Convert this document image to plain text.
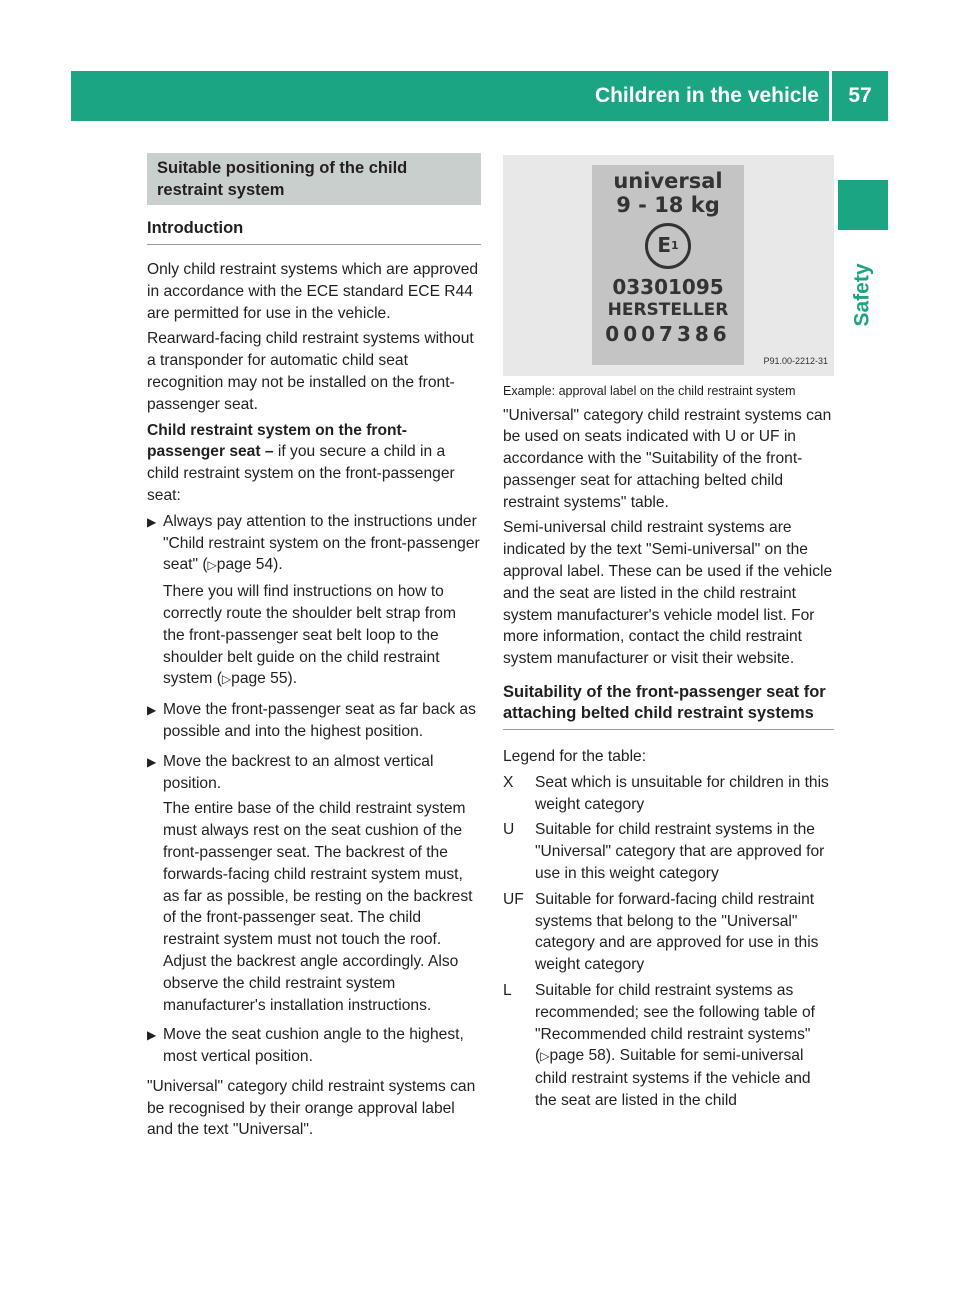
Children in the vehicle	57
Safety
Suitable positioning of the child restraint system
Introduction

Only child restraint systems which are approved in accordance with the ECE standard ECE R44 are permitted for use in the vehicle.

Rearward-facing child restraint systems without a transponder for automatic child seat recognition may not be installed on the front-passenger seat.

Child restraint system on the front-passenger seat – if you secure a child in a child restraint system on the front-passenger seat:

▶ Always pay attention to the instructions under "Child restraint system on the front-passenger seat" (▷page 54).

There you will find instructions on how to correctly route the shoulder belt strap from the front-passenger seat belt loop to the shoulder belt guide on the child restraint system (▷page 55).

▶ Move the front-passenger seat as far back as possible and into the highest position.

▶ Move the backrest to an almost vertical position.

The entire base of the child restraint system must always rest on the seat cushion of the front-passenger seat. The backrest of the forwards-facing child restraint system must, as far as possible, be resting on the backrest of the front-passenger seat. The child restraint system must not touch the roof. Adjust the backrest angle accordingly. Also observe the child restraint system manufacturer's installation instructions.

▶ Move the seat cushion angle to the highest, most vertical position.

"Universal" category child restraint systems can be recognised by their orange approval label and the text "Universal".

universal
9 - 18 kg
E 1
03301095
HERSTELLER
0007386
P91.00-2212-31

Example: approval label on the child restraint system

"Universal" category child restraint systems can be used on seats indicated with U or UF in accordance with the "Suitability of the front-passenger seat for attaching belted child restraint systems" table.

Semi-universal child restraint systems are indicated by the text "Semi-universal" on the approval label. These can be used if the vehicle and the seat are listed in the child restraint system manufacturer's vehicle model list. For more information, contact the child restraint system manufacturer or visit their website.

Suitability of the front-passenger seat for attaching belted child restraint systems

Legend for the table:

X	Seat which is unsuitable for children in this weight category
U	Suitable for child restraint systems in the "Universal" category that are approved for use in this weight category
UF Suitable for forward-facing child restraint systems that belong to the "Universal" category and are approved for use in this weight category
L	Suitable for child restraint systems as recommended; see the following table of "Recommended child restraint systems" (▷page 58). Suitable for semi-universal child restraint systems if the vehicle and the seat are listed in the child
